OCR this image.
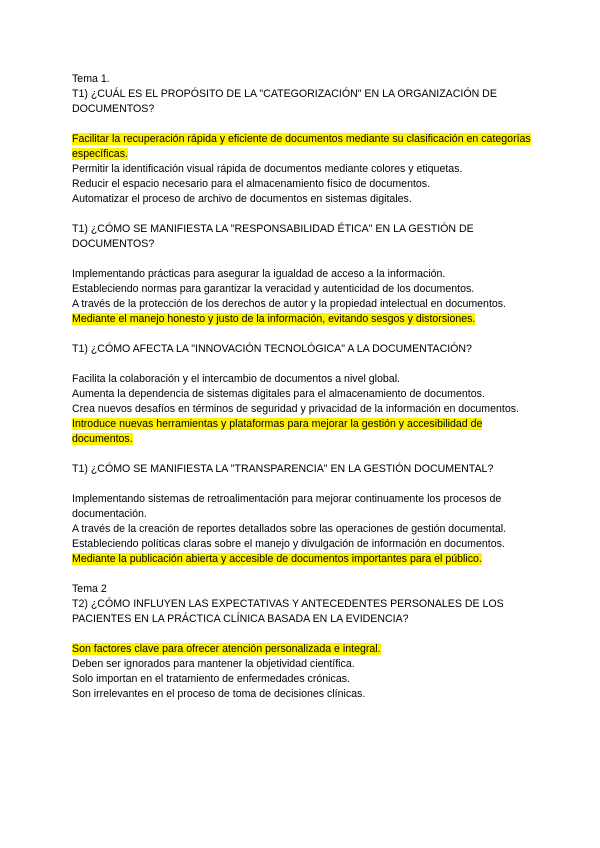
Tema 1.

T1) ¿CUÁL ES EL PROPÓSITO DE LA "CATEGORIZACIÓN" EN LA ORGANIZACIÓN DE DOCUMENTOS?

Facilitar la recuperación rápida y eficiente de documentos mediante su clasificación en categorías específicas.
Permitir la identificación visual rápida de documentos mediante colores y etiquetas.
Reducir el espacio necesario para el almacenamiento físico de documentos.
Automatizar el proceso de archivo de documentos en sistemas digitales.

T1) ¿CÓMO SE MANIFIESTA LA "RESPONSABILIDAD ÉTICA" EN LA GESTIÓN DE DOCUMENTOS?

Implementando prácticas para asegurar la igualdad de acceso a la información.
Estableciendo normas para garantizar la veracidad y autenticidad de los documentos.
A través de la protección de los derechos de autor y la propiedad intelectual en documentos.
Mediante el manejo honesto y justo de la información, evitando sesgos y distorsiones.

T1) ¿CÓMO AFECTA LA "INNOVACIÓN TECNOLÓGICA" A LA DOCUMENTACIÓN?

Facilita la colaboración y el intercambio de documentos a nivel global.
Aumenta la dependencia de sistemas digitales para el almacenamiento de documentos.
Crea nuevos desafíos en términos de seguridad y privacidad de la información en documentos.
Introduce nuevas herramientas y plataformas para mejorar la gestión y accesibilidad de documentos.

T1) ¿CÓMO SE MANIFIESTA LA "TRANSPARENCIA" EN LA GESTIÓN DOCUMENTAL?

Implementando sistemas de retroalimentación para mejorar continuamente los procesos de documentación.
A través de la creación de reportes detallados sobre las operaciones de gestión documental.
Estableciendo políticas claras sobre el manejo y divulgación de información en documentos.
Mediante la publicación abierta y accesible de documentos importantes para el público.
Tema 2

T2) ¿CÓMO INFLUYEN LAS EXPECTATIVAS Y ANTECEDENTES PERSONALES DE LOS PACIENTES EN LA PRÁCTICA CLÍNICA BASADA EN LA EVIDENCIA?

Son factores clave para ofrecer atención personalizada e integral.
Deben ser ignorados para mantener la objetividad científica.
Solo importan en el tratamiento de enfermedades crónicas.
Son irrelevantes en el proceso de toma de decisiones clínicas.
